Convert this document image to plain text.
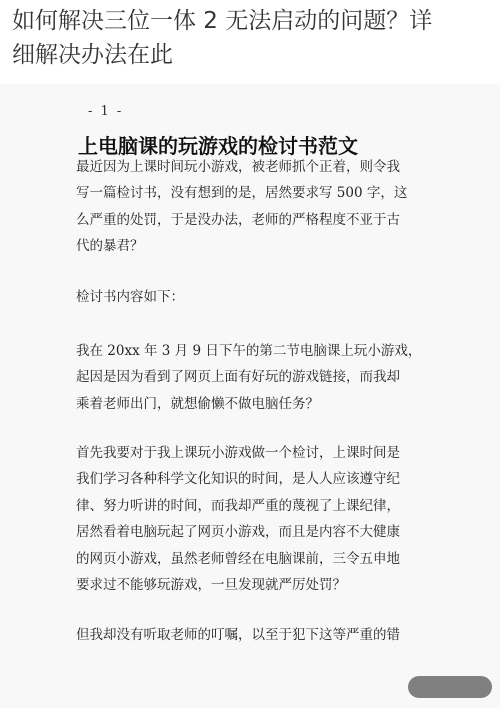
如何解决三位一体 2 无法启动的问题？详
细解决办法在此
- 1 -
上电脑课的玩游戏的检讨书范文
最近因为上课时间玩小游戏，被老师抓个正着，则令我
写一篇检讨书，没有想到的是，居然要求写 500 字，这
么严重的处罚，于是没办法，老师的严格程度不亚于古
代的暴君？
检讨书内容如下：
我在 20xx 年 3 月 9 日下午的第二节电脑课上玩小游戏，
起因是因为看到了网页上面有好玩的游戏链接，而我却
乘着老师出门，就想偷懒不做电脑任务？
首先我要对于我上课玩小游戏做一个检讨，上课时间是
我们学习各种科学文化知识的时间，是人人应该遵守纪
律、努力听讲的时间，而我却严重的蔑视了上课纪律，
居然看着电脑玩起了网页小游戏，而且是内容不大健康
的网页小游戏，虽然老师曾经在电脑课前，三令五申地
要求过不能够玩游戏，一旦发现就严厉处罚？
但我却没有听取老师的叮嘱，以至于犯下这等严重的错
